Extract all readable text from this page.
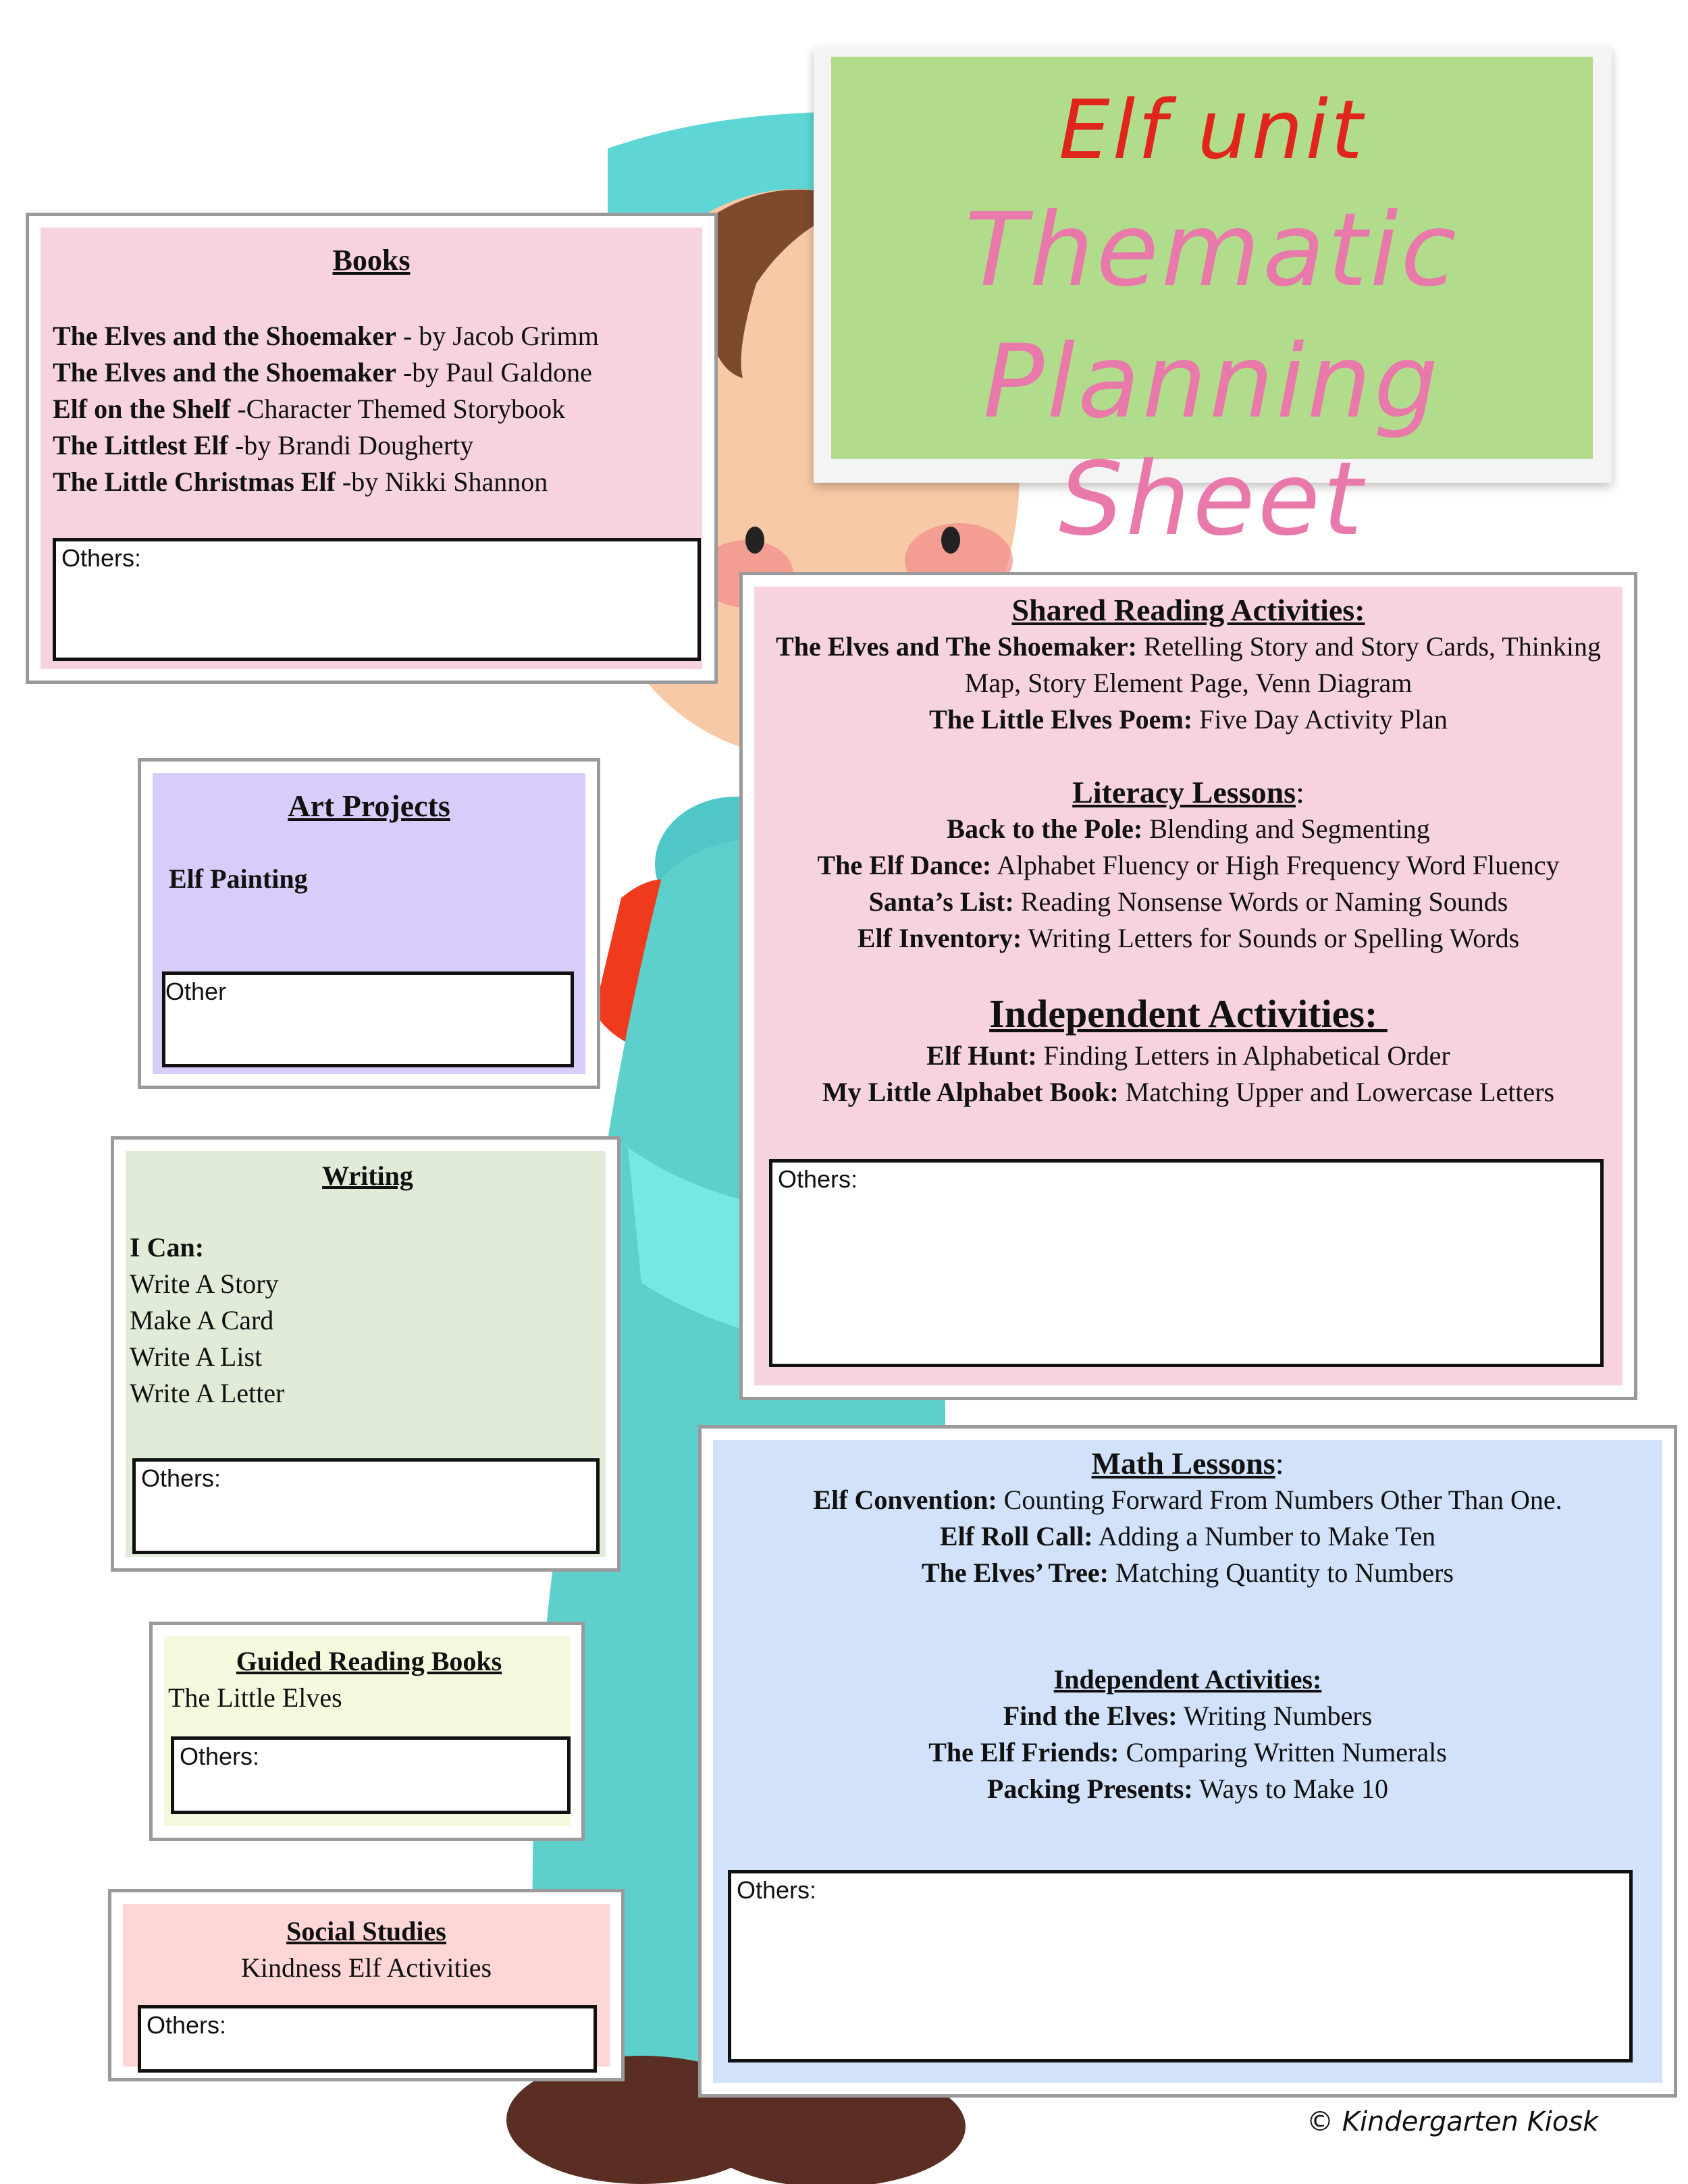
Elf unit
Thematic
Planning Sheet
Books
The Elves and the Shoemaker - by Jacob Grimm
The Elves and the Shoemaker -by Paul Galdone
Elf on the Shelf -Character Themed Storybook
The Littlest Elf -by Brandi Dougherty
The Little Christmas Elf -by Nikki Shannon
Others:
Art Projects
Elf Painting
Other
Writing
I Can:
Write A Story
Make A Card
Write A List
Write A Letter
Others:
Guided Reading Books
The Little Elves
Others:
Social Studies
Kindness Elf Activities
Others:
Shared Reading Activities:
The Elves and The Shoemaker: Retelling Story and Story Cards, Thinking
Map, Story Element Page, Venn Diagram
The Little Elves Poem: Five Day Activity Plan
Literacy Lessons:
Back to the Pole: Blending and Segmenting
The Elf Dance: Alphabet Fluency or High Frequency Word Fluency
Santa’s List: Reading Nonsense Words or Naming Sounds
Elf Inventory: Writing Letters for Sounds or Spelling Words
Independent Activities:
Elf Hunt: Finding Letters in Alphabetical Order
My Little Alphabet Book: Matching Upper and Lowercase Letters
Others:
Math Lessons:
Elf Convention: Counting Forward From Numbers Other Than One.
Elf Roll Call: Adding a Number to Make Ten
The Elves’ Tree: Matching Quantity to Numbers
Independent Activities:
Find the Elves: Writing Numbers
The Elf Friends: Comparing Written Numerals
Packing Presents: Ways to Make 10
Others:
© Kindergarten Kiosk
